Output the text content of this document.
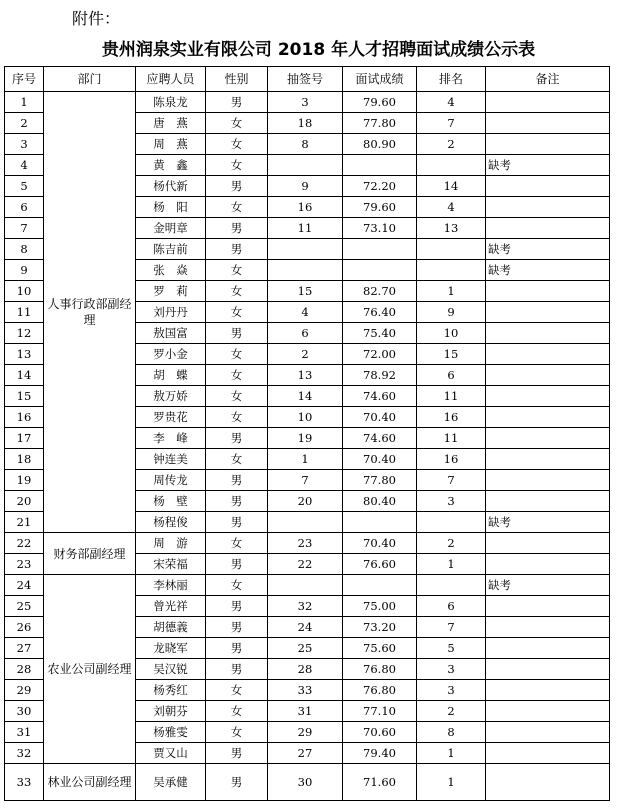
附件：
贵州润泉实业有限公司 2018 年人才招聘面试成绩公示表
序号	部门	应聘人员	性别	抽签号	面试成绩	排名	备注
1	人事行政部副经理	陈泉龙	男	3	79.60	4	
2		唐　燕	女	18	77.80	7	
3		周　燕	女	8	80.90	2	
4		黄　鑫	女				缺考
5		杨代新	男	9	72.20	14	
6		杨　阳	女	16	79.60	4	
7		金明章	男	11	73.10	13	
8		陈吉前	男				缺考
9		张　焱	女				缺考
10		罗　莉	女	15	82.70	1	
11		刘丹丹	女	4	76.40	9	
12		敖国富	男	6	75.40	10	
13		罗小金	女	2	72.00	15	
14		胡　蝶	女	13	78.92	6	
15		敖万娇	女	14	74.60	11	
16		罗贵花	女	10	70.40	16	
17		李　峰	男	19	74.60	11	
18		钟连美	女	1	70.40	16	
19		周传龙	男	7	77.80	7	
20		杨　壁	男	20	80.40	3	
21		杨程俊	男				缺考
22	财务部副经理	周　游	女	23	70.40	2	
23		宋荣福	男	22	76.60	1	
24	农业公司副经理	李林丽	女				缺考
25		曾光祥	男	32	75.00	6	
26		胡德義	男	24	73.20	7	
27		龙晓军	男	25	75.60	5	
28		吴汉锐	男	28	76.80	3	
29		杨秀红	女	33	76.80	3	
30		刘朝芬	女	31	77.10	2	
31		杨雅雯	女	29	70.60	8	
32		贾又山	男	27	79.40	1	
33	林业公司副经理	吴承健	男	30	71.60	1	
